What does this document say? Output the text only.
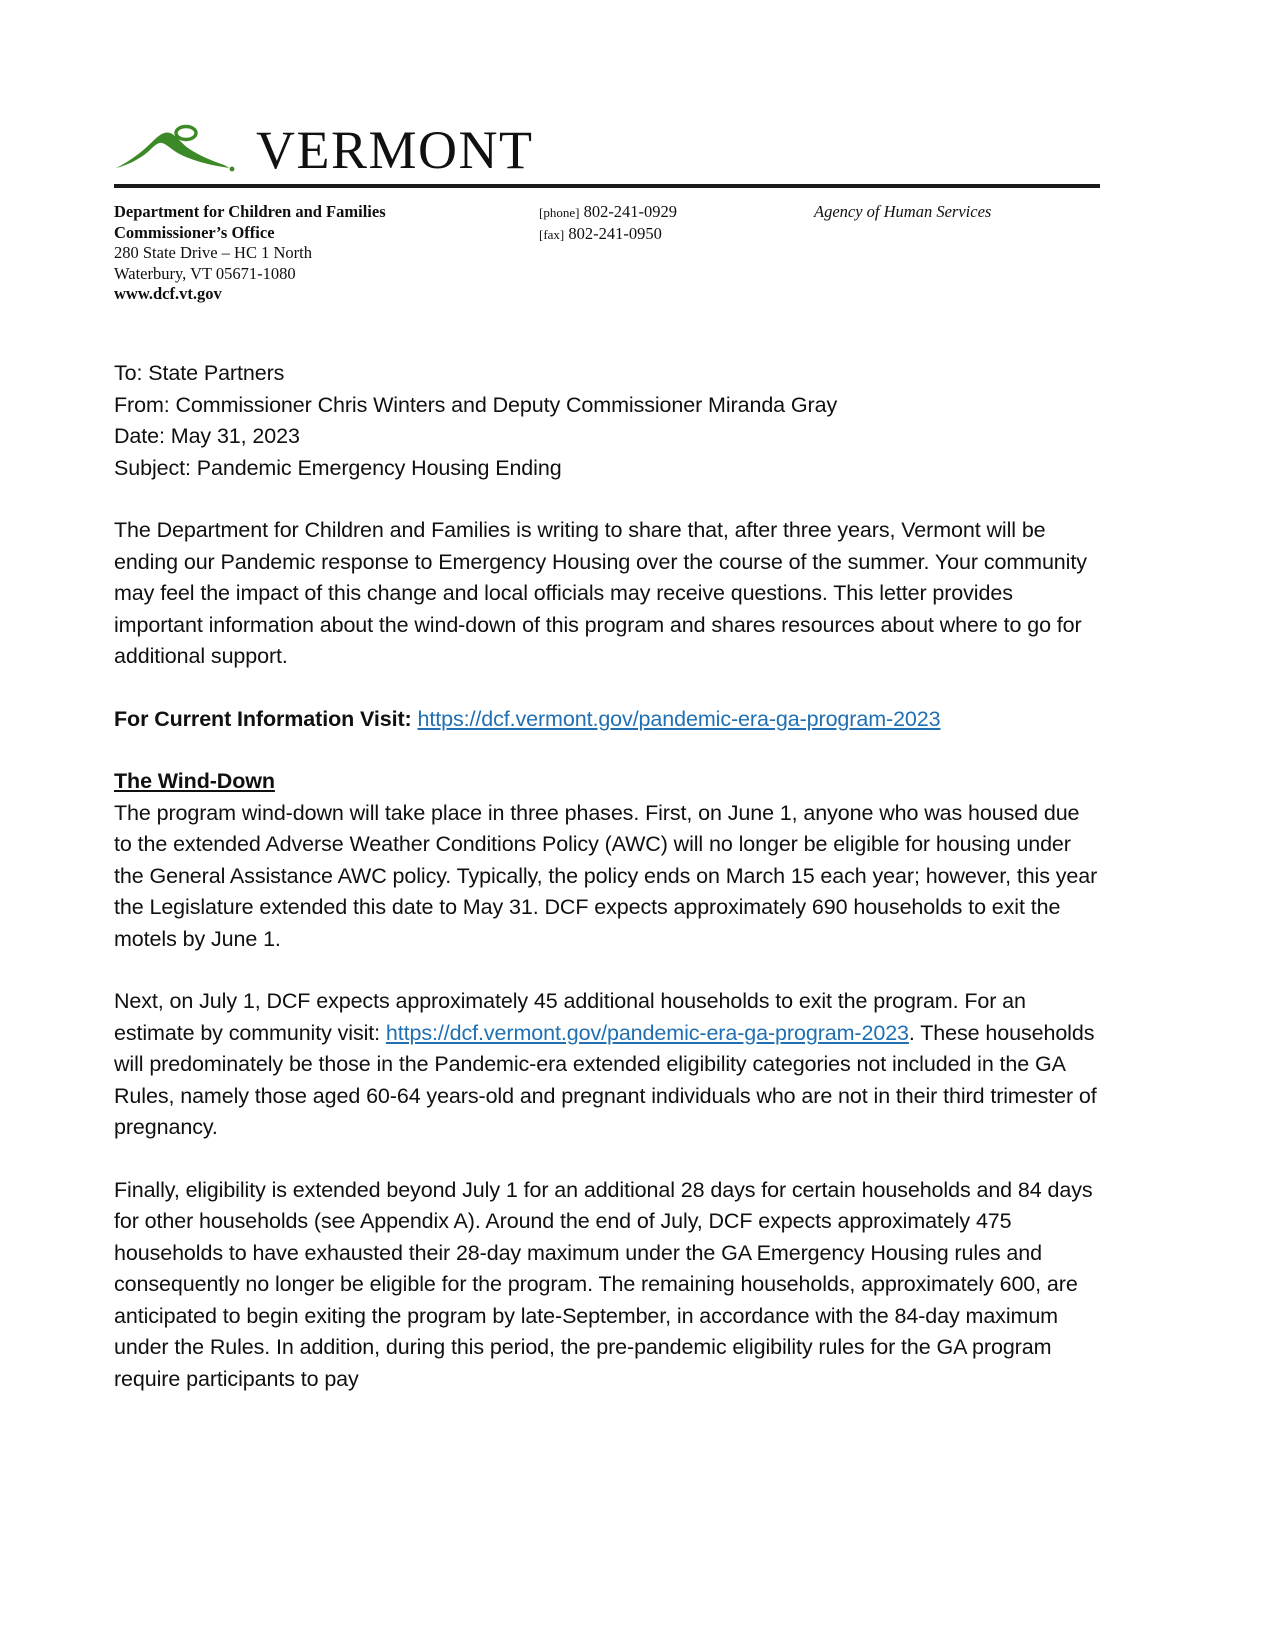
VERMONT
Department for Children and Families
Commissioner’s Office
280 State Drive – HC 1 North
Waterbury, VT 05671-1080
www.dcf.vt.gov
[phone] 802-241-0929
[fax] 802-241-0950
Agency of Human Services
To: State Partners
From: Commissioner Chris Winters and Deputy Commissioner Miranda Gray
Date: May 31, 2023
Subject: Pandemic Emergency Housing Ending
The Department for Children and Families is writing to share that, after three years, Vermont will be ending our Pandemic response to Emergency Housing over the course of the summer. Your community may feel the impact of this change and local officials may receive questions. This letter provides important information about the wind-down of this program and shares resources about where to go for additional support.
For Current Information Visit: https://dcf.vermont.gov/pandemic-era-ga-program-2023
The Wind-Down
The program wind-down will take place in three phases. First, on June 1, anyone who was housed due to the extended Adverse Weather Conditions Policy (AWC) will no longer be eligible for housing under the General Assistance AWC policy. Typically, the policy ends on March 15 each year; however, this year the Legislature extended this date to May 31. DCF expects approximately 690 households to exit the motels by June 1.
Next, on July 1, DCF expects approximately 45 additional households to exit the program. For an estimate by community visit: https://dcf.vermont.gov/pandemic-era-ga-program-2023. These households will predominately be those in the Pandemic-era extended eligibility categories not included in the GA Rules, namely those aged 60-64 years-old and pregnant individuals who are not in their third trimester of pregnancy.
Finally, eligibility is extended beyond July 1 for an additional 28 days for certain households and 84 days for other households (see Appendix A). Around the end of July, DCF expects approximately 475 households to have exhausted their 28-day maximum under the GA Emergency Housing rules and consequently no longer be eligible for the program. The remaining households, approximately 600, are anticipated to begin exiting the program by late-September, in accordance with the 84-day maximum under the Rules. In addition, during this period, the pre-pandemic eligibility rules for the GA program require participants to pay
